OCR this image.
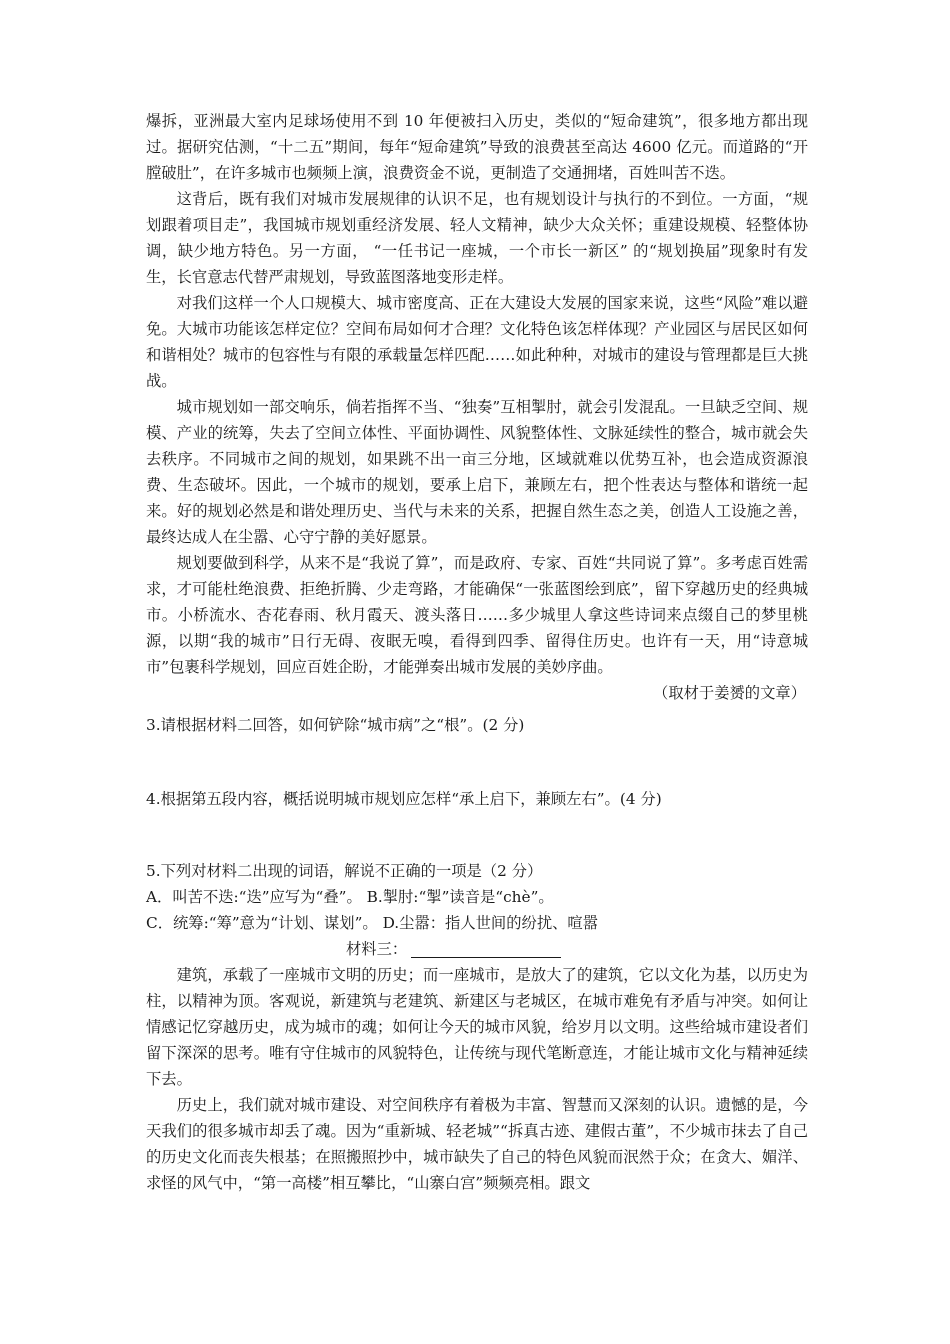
爆拆，亚洲最大室内足球场使用不到 10 年便被扫入历史，类似的“短命建筑”，很多地方都出现过。据研究估测，“十二五”期间，每年“短命建筑”导致的浪费甚至高达 4600 亿元。而道路的“开膛破肚”，在许多城市也频频上演，浪费资金不说，更制造了交通拥堵，百姓叫苦不迭。

这背后，既有我们对城市发展规律的认识不足，也有规划设计与执行的不到位。一方面，“规划跟着项目走”，我国城市规划重经济发展、轻人文精神，缺少大众关怀；重建设规模、轻整体协调，缺少地方特色。另一方面， “一任书记一座城，一个市长一新区” 的“规划换届”现象时有发生，长官意志代替严肃规划，导致蓝图落地变形走样。

对我们这样一个人口规模大、城市密度高、正在大建设大发展的国家来说，这些“风险”难以避免。大城市功能该怎样定位？空间布局如何才合理？文化特色该怎样体现？产业园区与居民区如何和谐相处？城市的包容性与有限的承载量怎样匹配……如此种种，对城市的建设与管理都是巨大挑战。

城市规划如一部交响乐，倘若指挥不当、“独奏”互相掣肘，就会引发混乱。一旦缺乏空间、规模、产业的统筹，失去了空间立体性、平面协调性、风貌整体性、文脉延续性的整合，城市就会失去秩序。不同城市之间的规划，如果跳不出一亩三分地，区域就难以优势互补，也会造成资源浪费、生态破坏。因此，一个城市的规划，要承上启下，兼顾左右，把个性表达与整体和谐统一起来。好的规划必然是和谐处理历史、当代与未来的关系，把握自然生态之美，创造人工设施之善，最终达成人在尘嚣、心守宁静的美好愿景。

规划要做到科学，从来不是“我说了算”，而是政府、专家、百姓“共同说了算”。多考虑百姓需求，才可能杜绝浪费、拒绝折腾、少走弯路，才能确保“一张蓝图绘到底”，留下穿越历史的经典城市。小桥流水、杏花春雨、秋月霞天、渡头落日……多少城里人拿这些诗词来点缀自己的梦里桃源，以期“我的城市”日行无碍、夜眠无嗅，看得到四季、留得住历史。也许有一天，用“诗意城市”包裹科学规划，回应百姓企盼，才能弹奏出城市发展的美妙序曲。

（取材于姜赟的文章）

3.请根据材料二回答，如何铲除“城市病”之“根”。(2 分)

4.根据第五段内容，概括说明城市规划应怎样“承上启下，兼顾左右”。(4 分)

5.下列对材料二出现的词语，解说不正确的一项是（2 分）

A．叫苦不迭:“迭”应写为“叠”。 B.掣肘:“掣”读音是“chè”。

C．统筹:“筹”意为“计划、谋划”。 D.尘嚣：指人世间的纷扰、喧嚣

材料三：

建筑，承载了一座城市文明的历史；而一座城市，是放大了的建筑，它以文化为基，以历史为柱，以精神为顶。客观说，新建筑与老建筑、新建区与老城区，在城市难免有矛盾与冲突。如何让情感记忆穿越历史，成为城市的魂；如何让今天的城市风貌，给岁月以文明。这些给城市建设者们留下深深的思考。唯有守住城市的风貌特色，让传统与现代笔断意连，才能让城市文化与精神延续下去。

历史上，我们就对城市建设、对空间秩序有着极为丰富、智慧而又深刻的认识。遗憾的是，今天我们的很多城市却丢了魂。因为“重新城、轻老城”“拆真古迹、建假古董”，不少城市抹去了自己的历史文化而丧失根基；在照搬照抄中，城市缺失了自己的特色风貌而泯然于众；在贪大、媚洋、求怪的风气中，“第一高楼”相互攀比，“山寨白宫”频频亮相。跟文
